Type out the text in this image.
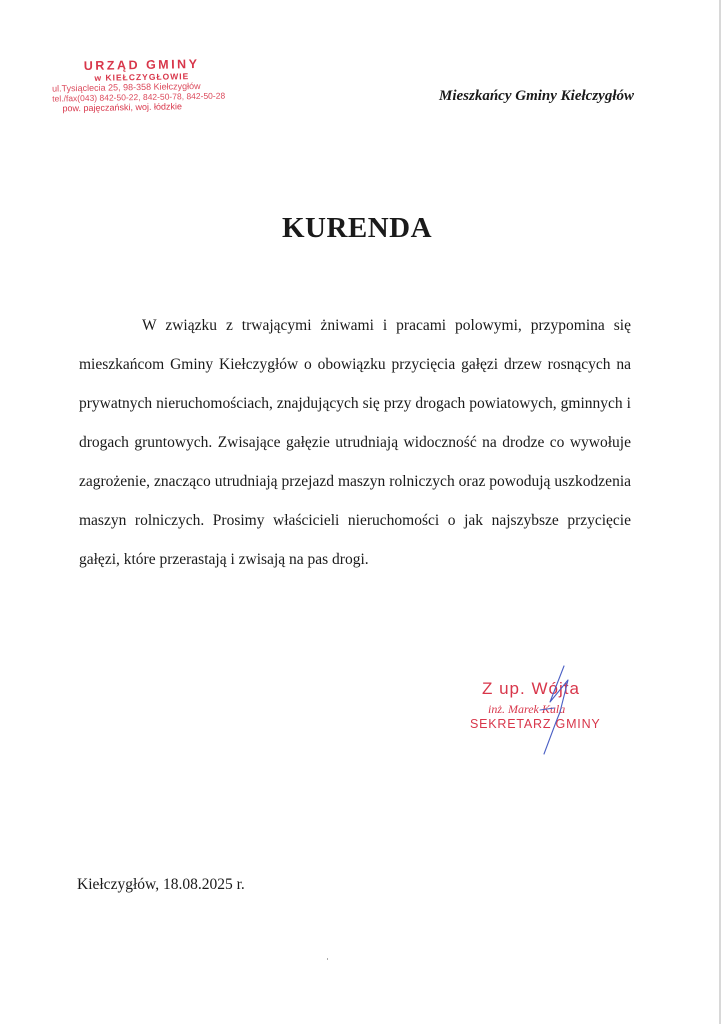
URZĄD GMINY
w KIEŁCZYGŁOWIE
ul.Tysiąclecia 25, 98-358 Kiełczygłów
tel./fax(043) 842-50-22, 842-50-78, 842-50-28
pow. pajęczański, woj. łódzkie
Mieszkańcy Gminy Kiełczygłów
KURENDA

W związku z trwającymi żniwami i pracami polowymi, przypomina się mieszkańcom Gminy Kiełczygłów o obowiązku przycięcia gałęzi drzew rosnących na prywatnych nieruchomościach, znajdujących się przy drogach powiatowych, gminnych i drogach gruntowych. Zwisające gałęzie utrudniają widoczność na drodze co wywołuje zagrożenie, znacząco utrudniają przejazd maszyn rolniczych oraz powodują uszkodzenia maszyn rolniczych. Prosimy właścicieli nieruchomości o jak najszybsze przycięcie gałęzi, które przerastają i zwisają na pas drogi.

Z up. Wójta
inż. Marek Kula
SEKRETARZ GMINY
Kiełczygłów, 18.08.2025 r.
